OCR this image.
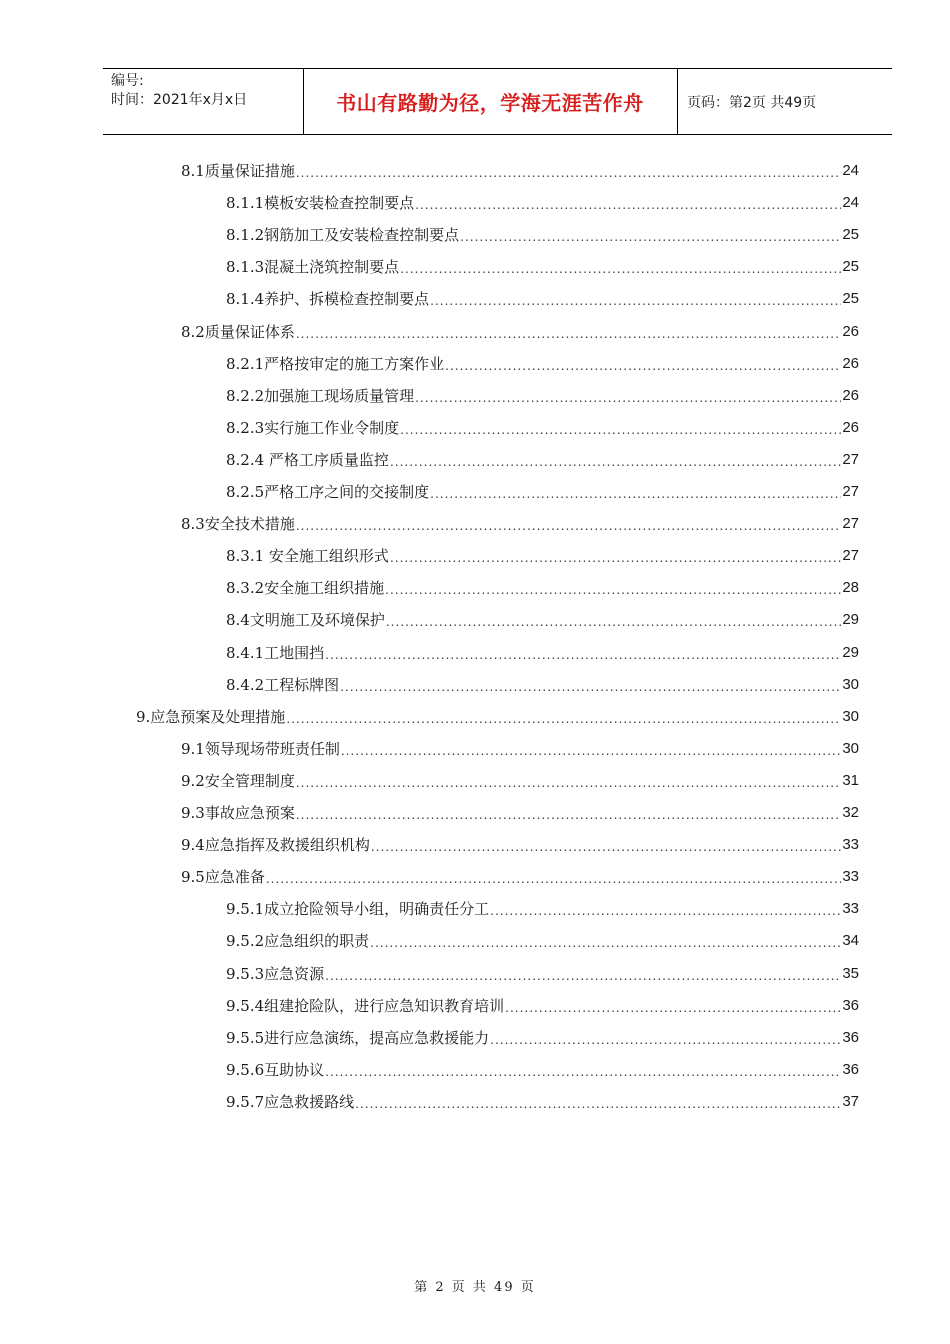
编号:
时间：2021年x月x日	书山有路勤为径，学海无涯苦作舟	页码：第2页 共49页
8.1质量保证措施 .....	24
8.1.1模板安装检查控制要点 .....	24
8.1.2钢筋加工及安装检查控制要点 .....	25
8.1.3混凝土浇筑控制要点 .....	25
8.1.4养护、拆模检查控制要点 .....	25
8.2质量保证体系 .....	26
8.2.1严格按审定的施工方案作业 .....	26
8.2.2加强施工现场质量管理 .....	26
8.2.3实行施工作业令制度 .....	26
8.2.4 严格工序质量监控 .....	27
8.2.5严格工序之间的交接制度 .....	27
8.3安全技术措施 .....	27
8.3.1 安全施工组织形式 .....	27
8.3.2安全施工组织措施 .....	28
8.4文明施工及环境保护 .....	29
8.4.1工地围挡 .....	29
8.4.2工程标牌图 .....	30
9.应急预案及处理措施 .....	30
9.1领导现场带班责任制 .....	30
9.2安全管理制度 .....	31
9.3事故应急预案 .....	32
9.4应急指挥及救援组织机构 .....	33
9.5应急准备 .....	33
9.5.1成立抢险领导小组，明确责任分工 .....	33
9.5.2应急组织的职责 .....	34
9.5.3应急资源 .....	35
9.5.4组建抢险队，进行应急知识教育培训 .....	36
9.5.5进行应急演练，提高应急救援能力 .....	36
9.5.6互助协议 .....	36
9.5.7应急救援路线 .....	37
第 2 页 共 49 页
